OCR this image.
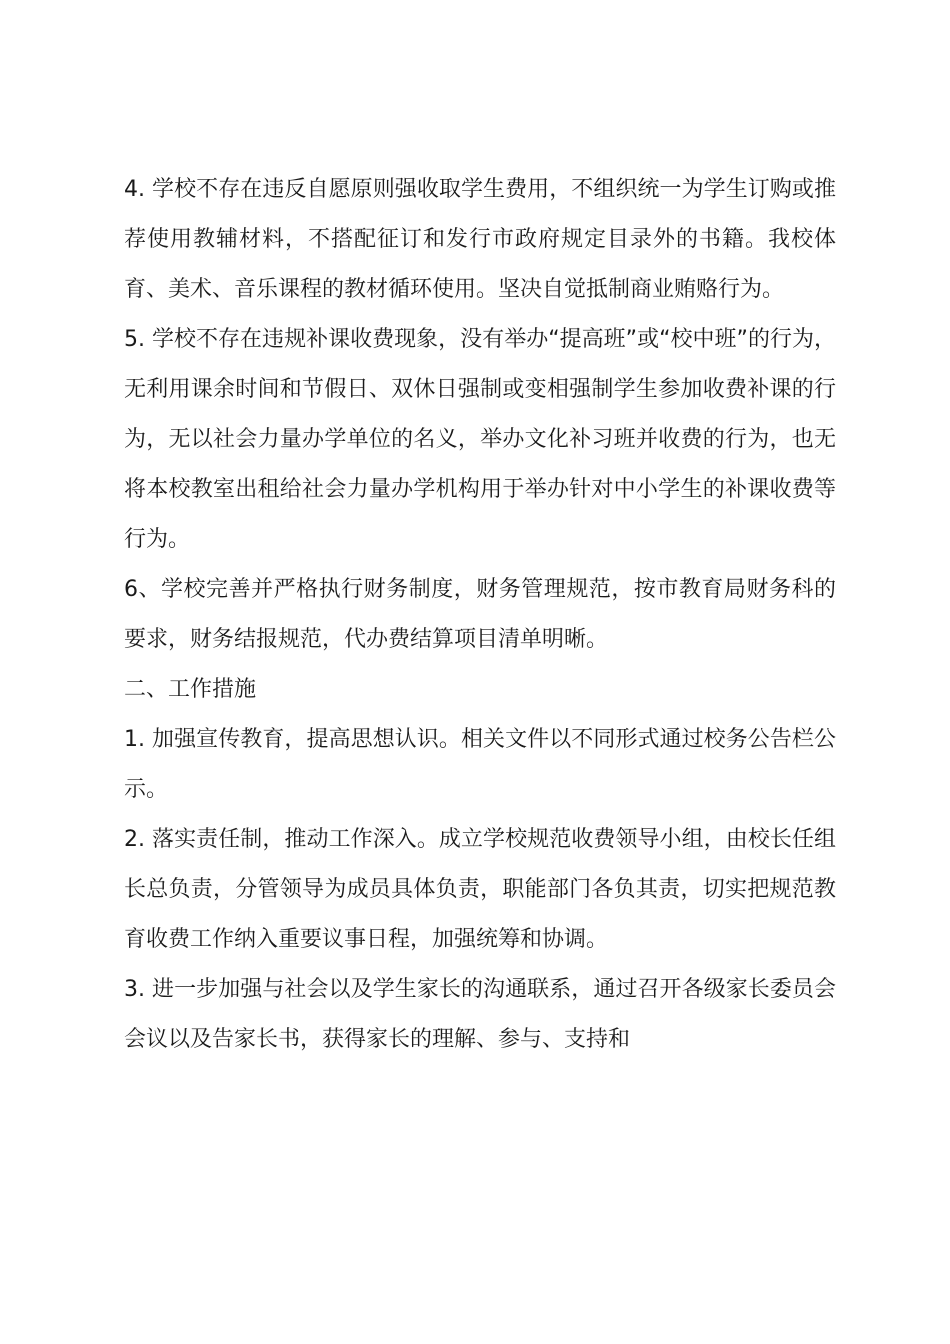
4. 学校不存在违反自愿原则强收取学生费用，不组织统一为学生订购或推荐使用教辅材料，不搭配征订和发行市政府规定目录外的书籍。我校体育、美术、音乐课程的教材循环使用。坚决自觉抵制商业贿赂行为。

5. 学校不存在违规补课收费现象，没有举办“提高班”或“校中班”的行为，无利用课余时间和节假日、双休日强制或变相强制学生参加收费补课的行为，无以社会力量办学单位的名义，举办文化补习班并收费的行为，也无将本校教室出租给社会力量办学机构用于举办针对中小学生的补课收费等行为。

6、学校完善并严格执行财务制度，财务管理规范，按市教育局财务科的要求，财务结报规范，代办费结算项目清单明晰。

二、工作措施

1. 加强宣传教育，提高思想认识。相关文件以不同形式通过校务公告栏公示。

2. 落实责任制，推动工作深入。成立学校规范收费领导小组，由校长任组长总负责，分管领导为成员具体负责，职能部门各负其责，切实把规范教育收费工作纳入重要议事日程，加强统筹和协调。

3. 进一步加强与社会以及学生家长的沟通联系，通过召开各级家长委员会会议以及告家长书，获得家长的理解、参与、支持和
